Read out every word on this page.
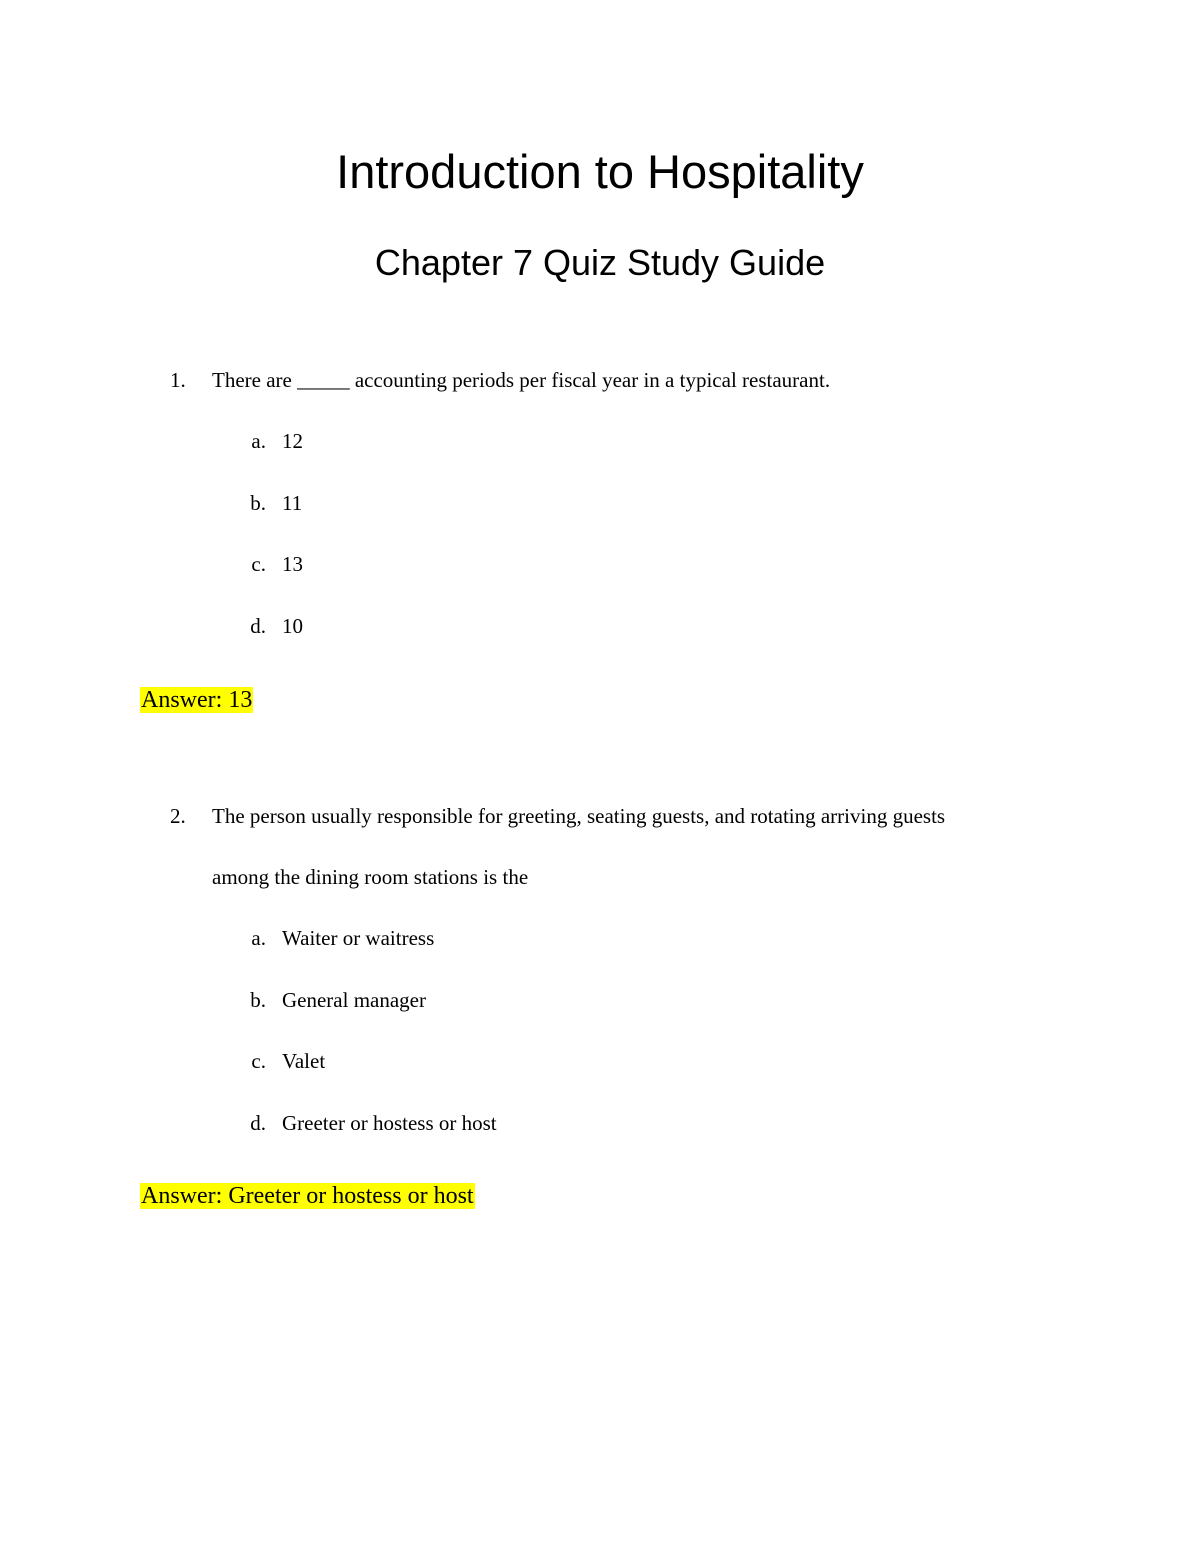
Introduction to Hospitality
Chapter 7 Quiz Study Guide
1.	There are _____ accounting periods per fiscal year in a typical restaurant.
a. 12
b. 11
c. 13
d. 10
Answer: 13
2.	The person usually responsible for greeting, seating guests, and rotating arriving guests
among the dining room stations is the
a. Waiter or waitress
b. General manager
c. Valet
d. Greeter or hostess or host
Answer: Greeter or hostess or host
